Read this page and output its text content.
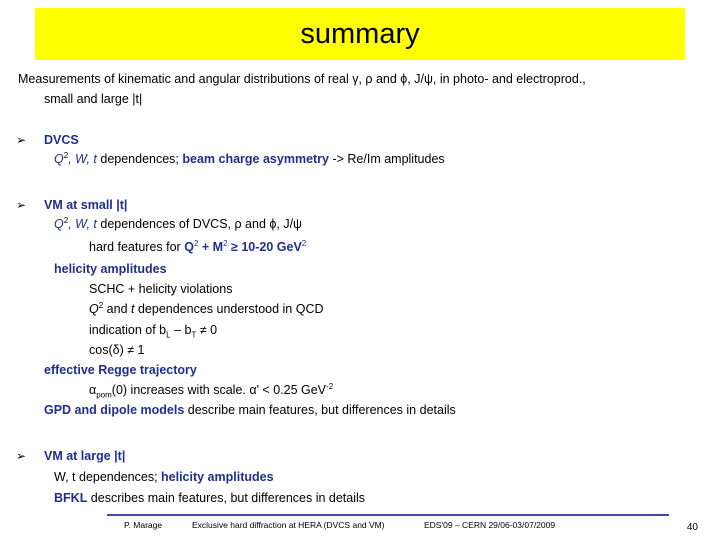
summary
Measurements of kinematic and angular distributions of real γ, ρ and ϕ, J/ψ, in photo- and electroprod.,
small and large |t|
➢ DVCS
$Q^2$, W, t dependences; beam charge asymmetry -> Re/Im amplitudes
➢ VM at small |t|
$Q^2$, W, t dependences of DVCS, ρ and ϕ, J/ψ
hard features for $Q^2 + M^2 \ge 10-20$ GeV$^2$
helicity amplitudes
SCHC + helicity violations
$Q^2$ and t dependences understood in QCD
indication of $b_L - b_T \ne 0$
cos(δ) ≠ 1
effective Regge trajectory
$\alpha_{pom}(0)$ increases with scale. α' < 0.25 GeV$^{-2}$
GPD and dipole models describe main features, but differences in details
➢ VM at large |t|
W, t dependences; helicity amplitudes
BFKL describes main features, but differences in details
P. Marage	Exclusive hard diffraction at HERA (DVCS and VM)	EDS'09 – CERN 29/06-03/07/2009	40
